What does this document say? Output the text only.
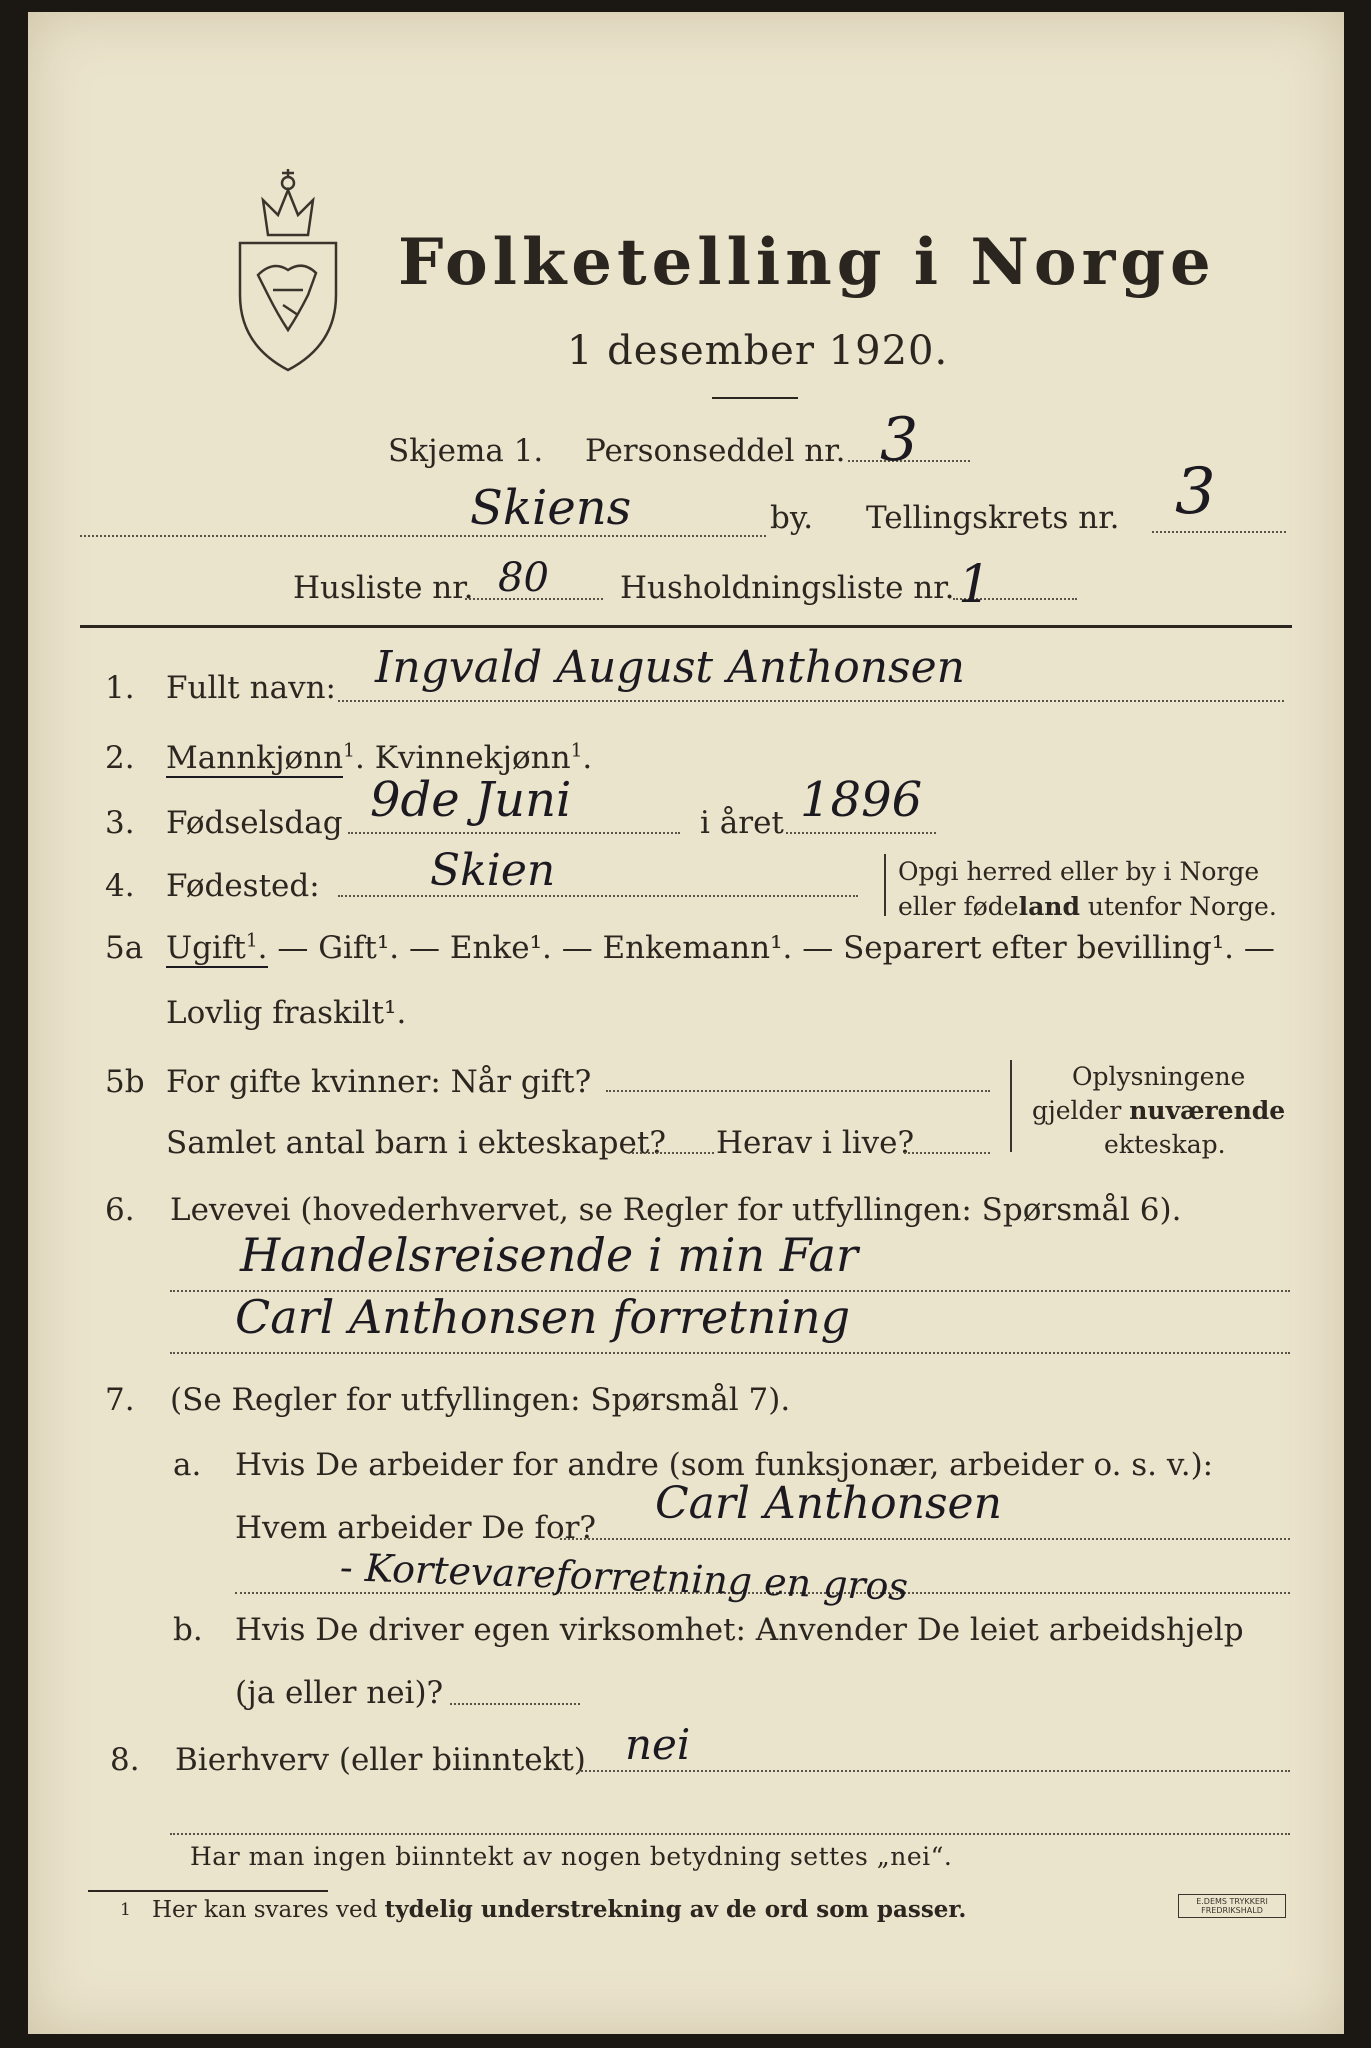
Folketelling i Norge
1 desember 1920.
Skjema 1. Personseddel nr. 3
Skiens	by. Tellingskrets nr. 3
Husliste nr. 80 Husholdningsliste nr. 1
1. Fullt navn: Ingvald August Anthonsen
2. Mannkjønn$^1$. Kvinnekjønn$^1$.
3. Fødselsdag 9de Juni	i året 1896
4. Fødested:	Skien	Opgi herred eller by i Norge
eller fødeland utenfor Norge.
5a Ugift$^1$. — Gift¹. — Enke¹. — Enkemann¹. — Separert efter bevilling¹. —
Lovlig fraskilt¹.
5b For gifte kvinner: Når gift?
Samlet antal barn i ekteskapet? Herav i live?
Oplysningene
gjelder nuværende
ekteskap.
6. Levevei (hovederhvervet, se Regler for utfyllingen: Spørsmål 6).
Handelsreisende i min Far
Carl Anthonsen forretning
7. (Se Regler for utfyllingen: Spørsmål 7).
a. Hvis De arbeider for andre (som funksjonær, arbeider o. s. v.):
Hvem arbeider De for? Carl Anthonsen
- Kortevareforretning en gros
b. Hvis De driver egen virksomhet: Anvender De leiet arbeidshjelp
(ja eller nei)?
8. Bierhverv (eller biinntekt) nei
Har man ingen biinntekt av nogen betydning settes „nei“.
1 Her kan svares ved tydelig understrekning av de ord som passer.	E.DEMS TRYKKERI
FREDRIKSHALD
